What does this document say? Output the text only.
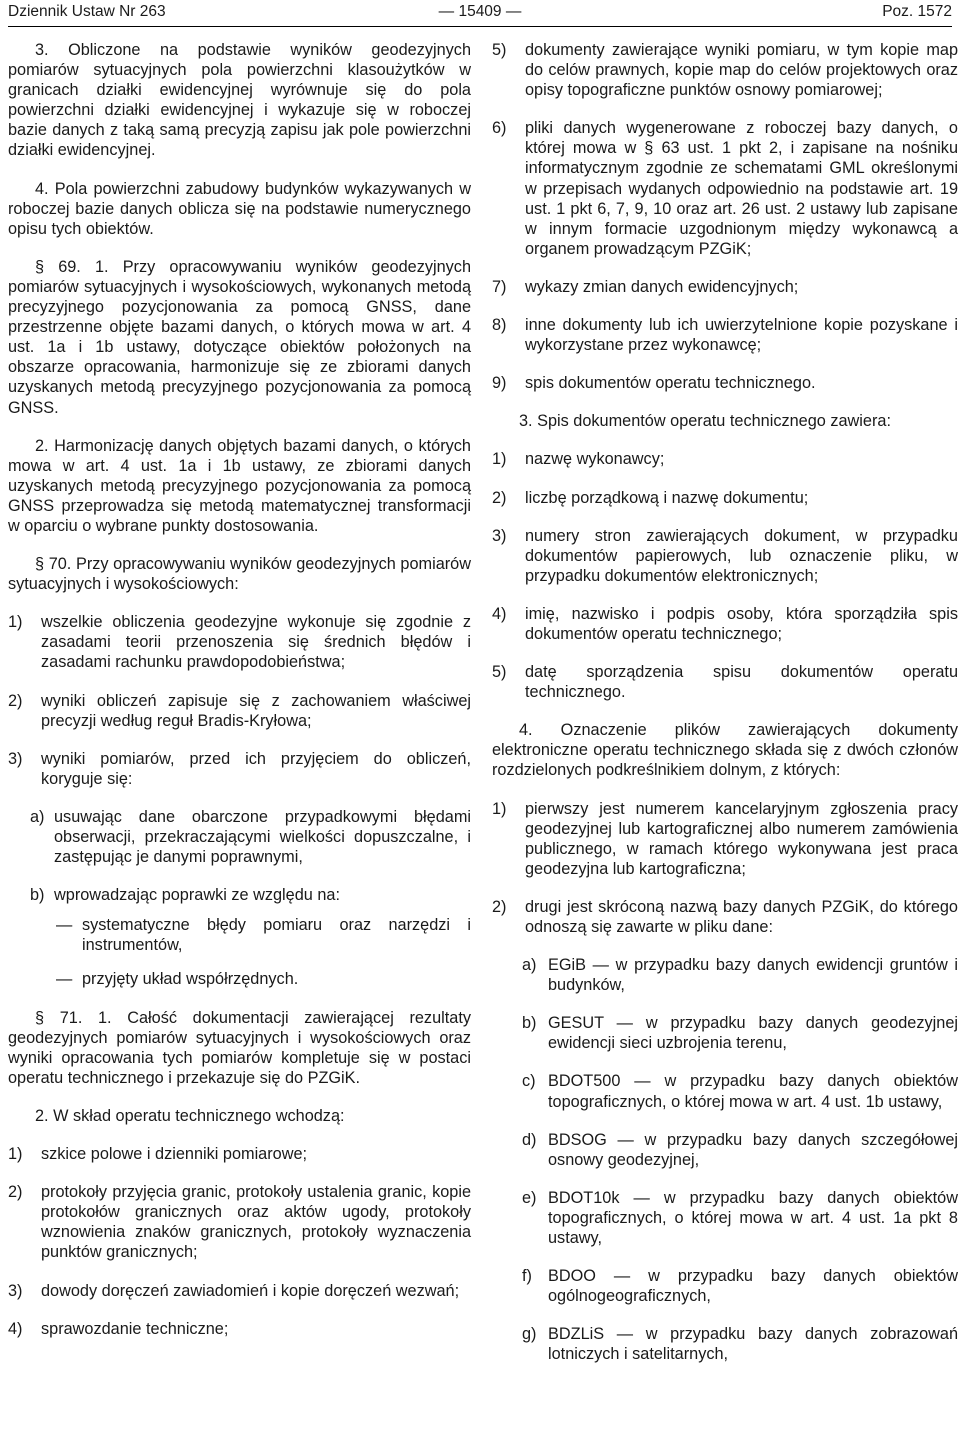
Dziennik Ustaw Nr 263	— 15409 —	Poz. 1572

3. Obliczone na podstawie wyników geodezyjnych pomiarów sytuacyjnych pola powierzchni klasoużytków w granicach działki ewidencyjnej wyrównuje się do pola powierzchni działki ewidencyjnej i wykazuje się w roboczej bazie danych z taką samą precyzją zapisu jak pole powierzchni działki ewidencyjnej.

4. Pola powierzchni zabudowy budynków wykazywanych w roboczej bazie danych oblicza się na podstawie numerycznego opisu tych obiektów.

§ 69. 1. Przy opracowywaniu wyników geodezyjnych pomiarów sytuacyjnych i wysokościowych, wykonanych metodą precyzyjnego pozycjonowania za pomocą GNSS, dane przestrzenne objęte bazami danych, o których mowa w art. 4 ust. 1a i 1b ustawy, dotyczące obiektów położonych na obszarze opracowania, harmonizuje się ze zbiorami danych uzyskanych metodą precyzyjnego pozycjonowania za pomocą GNSS.

2. Harmonizację danych objętych bazami danych, o których mowa w art. 4 ust. 1a i 1b ustawy, ze zbiorami danych uzyskanych metodą precyzyjnego pozycjonowania za pomocą GNSS przeprowadza się metodą matematycznej transformacji w oparciu o wybrane punkty dostosowania.

§ 70. Przy opracowywaniu wyników geodezyjnych pomiarów sytuacyjnych i wysokościowych:

1)	wszelkie obliczenia geodezyjne wykonuje się zgodnie z zasadami teorii przenoszenia się średnich błędów i zasadami rachunku prawdopodobieństwa;
2)	wyniki obliczeń zapisuje się z zachowaniem właściwej precyzji według reguł Bradis-Kryłowa;
3)	wyniki pomiarów, przed ich przyjęciem do obliczeń, koryguje się:
a) usuwając dane obarczone przypadkowymi błędami obserwacji, przekraczającymi wielkości dopuszczalne, i zastępując je danymi poprawnymi,
b) wprowadzając poprawki ze względu na:
— systematyczne błędy pomiaru oraz narzędzi i instrumentów,
— przyjęty układ współrzędnych.

§ 71. 1. Całość dokumentacji zawierającej rezultaty geodezyjnych pomiarów sytuacyjnych i wysokościowych oraz wyniki opracowania tych pomiarów kompletuje się w postaci operatu technicznego i przekazuje się do PZGiK.

2. W skład operatu technicznego wchodzą:

1)	szkice polowe i dzienniki pomiarowe;
2)	protokoły przyjęcia granic, protokoły ustalenia granic, kopie protokołów granicznych oraz aktów ugody, protokoły wznowienia znaków granicznych, protokoły wyznaczenia punktów granicznych;
3)	dowody doręczeń zawiadomień i kopie doręczeń wezwań;
4)	sprawozdanie techniczne;
5)	dokumenty zawierające wyniki pomiaru, w tym kopie map do celów prawnych, kopie map do celów projektowych oraz opisy topograficzne punktów osnowy pomiarowej;
6)	pliki danych wygenerowane z roboczej bazy danych, o której mowa w § 63 ust. 1 pkt 2, i zapisane na nośniku informatycznym zgodnie ze schematami GML określonymi w przepisach wydanych odpowiednio na podstawie art. 19 ust. 1 pkt 6, 7, 9, 10 oraz art. 26 ust. 2 ustawy lub zapisane w innym formacie uzgodnionym między wykonawcą a organem prowadzącym PZGiK;
7)	wykazy zmian danych ewidencyjnych;
8)	inne dokumenty lub ich uwierzytelnione kopie pozyskane i wykorzystane przez wykonawcę;
9)	spis dokumentów operatu technicznego.

3. Spis dokumentów operatu technicznego zawiera:

1)	nazwę wykonawcy;
2)	liczbę porządkową i nazwę dokumentu;
3)	numery stron zawierających dokument, w przypadku dokumentów papierowych, lub oznaczenie pliku, w przypadku dokumentów elektronicznych;
4)	imię, nazwisko i podpis osoby, która sporządziła spis dokumentów operatu technicznego;
5)	datę sporządzenia spisu dokumentów operatu technicznego.

4. Oznaczenie plików zawierających dokumenty elektroniczne operatu technicznego składa się z dwóch członów rozdzielonych podkreślnikiem dolnym, z których:

1)	pierwszy jest numerem kancelaryjnym zgłoszenia pracy geodezyjnej lub kartograficznej albo numerem zamówienia publicznego, w ramach którego wykonywana jest praca geodezyjna lub kartograficzna;
2)	drugi jest skróconą nazwą bazy danych PZGiK, do którego odnoszą się zawarte w pliku dane:
a) EGiB — w przypadku bazy danych ewidencji gruntów i budynków,
b) GESUT — w przypadku bazy danych geodezyjnej ewidencji sieci uzbrojenia terenu,
c) BDOT500 — w przypadku bazy danych obiektów topograficznych, o której mowa w art. 4 ust. 1b ustawy,
d) BDSOG — w przypadku bazy danych szczegółowej osnowy geodezyjnej,
e) BDOT10k — w przypadku bazy danych obiektów topograficznych, o której mowa w art. 4 ust. 1a pkt 8 ustawy,
f) BDOO — w przypadku bazy danych obiektów ogólnogeograficznych,
g) BDZLiS — w przypadku bazy danych zobrazowań lotniczych i satelitarnych,
